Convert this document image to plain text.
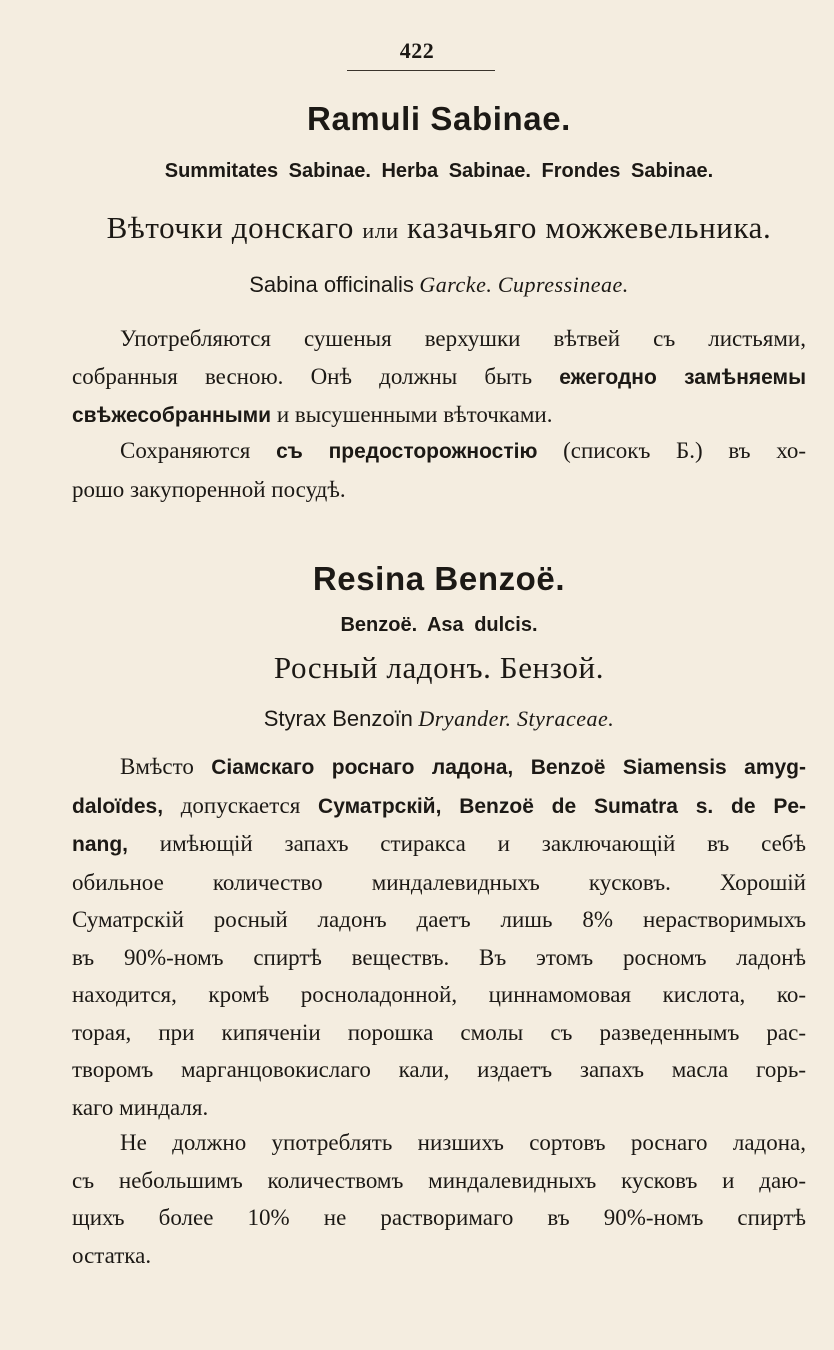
422
Ramuli Sabinae.
Summitates Sabinae. Herba Sabinae. Frondes Sabinae.
Вѣточки донскаго или казачьяго можжевельника.
Sabina officinalis Garcke. Cupressineae.
Употребляются сушеныя верхушки вѣтвей съ листьями,
собранныя весною. Онѣ должны быть ежегодно замѣняемы
свѣжесобранными и высушенными вѣточками.
Сохраняются съ предосторожностію (списокъ Б.) въ хо-
рошо закупоренной посудѣ.
Resina Benzoë.
Benzoë. Asa dulcis.
Росный ладонъ. Бензой.
Styrax Benzoïn Dryander. Styraceae.
Вмѣсто Сіамскаго роснаго ладона, Benzoë Siamensis amyg-
daloïdes, допускается Суматрскій, Benzoë de Sumatra s. de Pe-
nang, имѣющій запахъ стиракса и заключающій въ себѣ
обильное количество миндалевидныхъ кусковъ. Хорошій
Суматрскій росный ладонъ даетъ лишь 8% нерастворимыхъ
въ 90%-номъ спиртѣ веществъ. Въ этомъ росномъ ладонѣ
находится, кромѣ росноладонной, циннамомовая кислота, ко-
торая, при кипяченіи порошка смолы съ разведеннымъ рас-
творомъ марганцовокислаго кали, издаетъ запахъ масла горь-
каго миндаля.
Не должно употреблять низшихъ сортовъ роснаго ладона,
съ небольшимъ количествомъ миндалевидныхъ кусковъ и даю-
щихъ более 10% не растворимаго въ 90%-номъ спиртѣ
остатка.
